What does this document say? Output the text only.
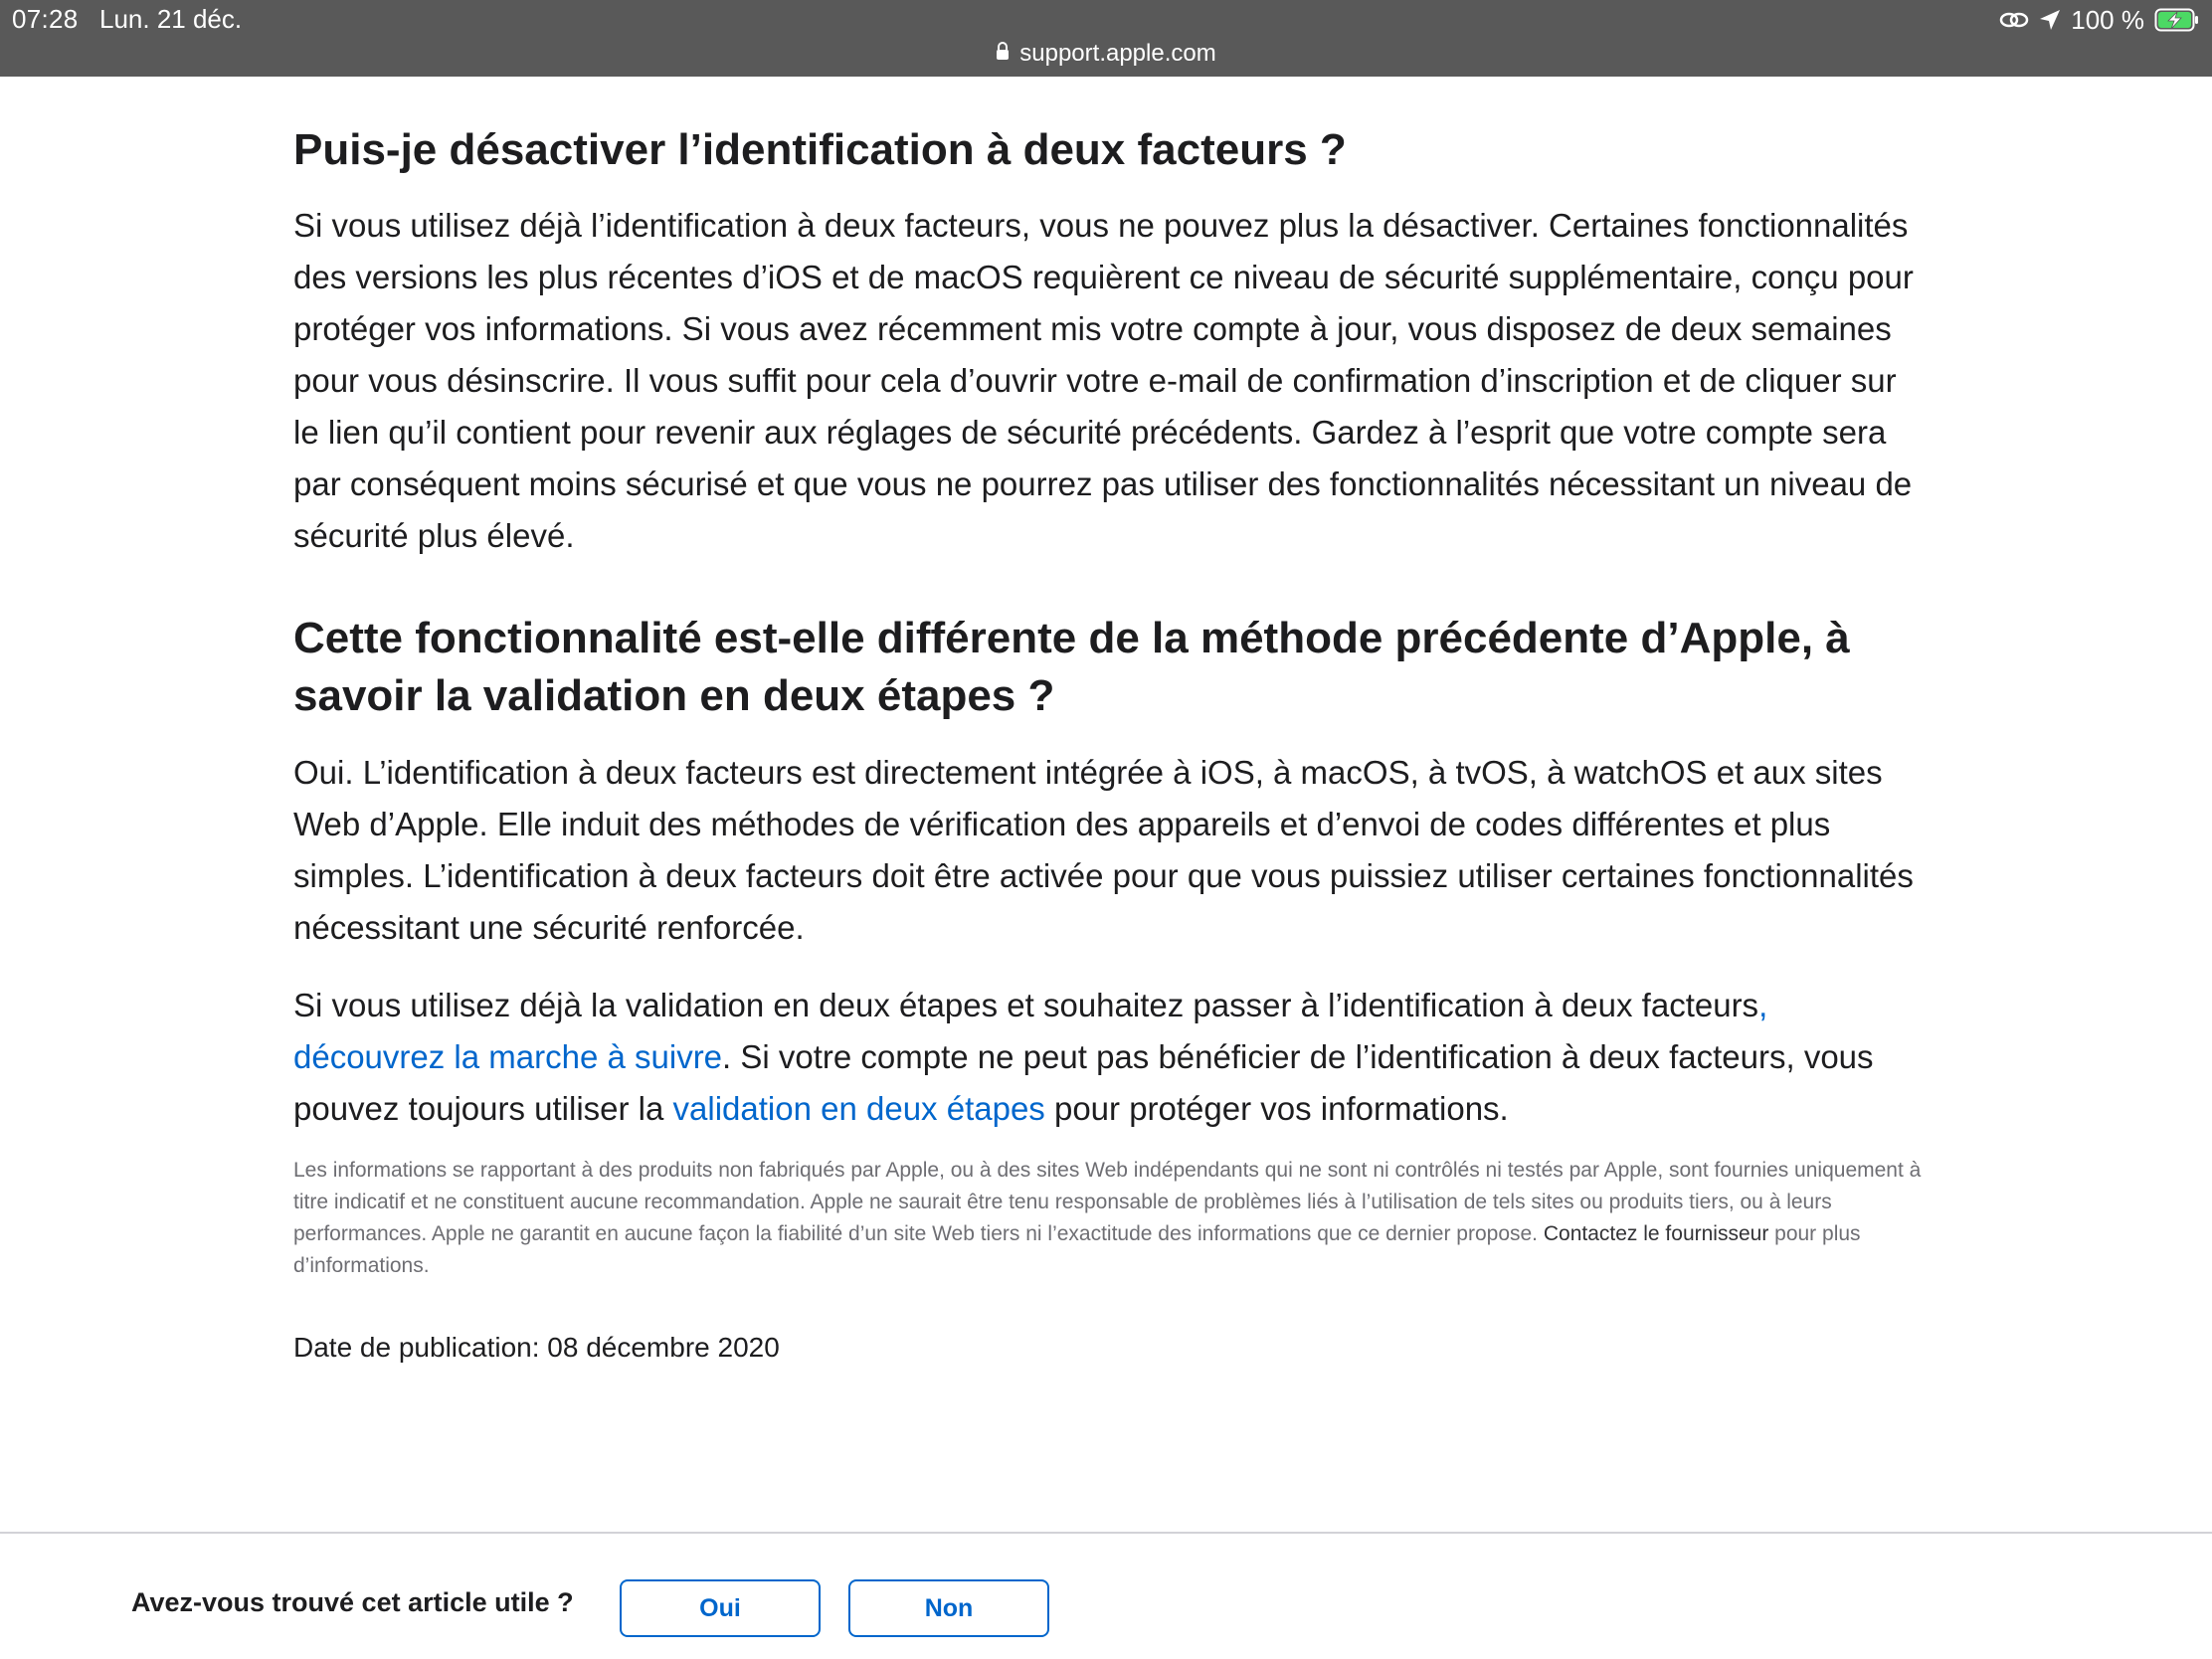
07:28 Lun. 21 déc.	100 %
support.apple.com
Puis-je désactiver l’identification à deux facteurs ?

Si vous utilisez déjà l’identification à deux facteurs, vous ne pouvez plus la désactiver. Certaines fonctionnalités des versions les plus récentes d’iOS et de macOS requièrent ce niveau de sécurité supplémentaire, conçu pour protéger vos informations. Si vous avez récemment mis votre compte à jour, vous disposez de deux semaines pour vous désinscrire. Il vous suffit pour cela d’ouvrir votre e-mail de confirmation d’inscription et de cliquer sur le lien qu’il contient pour revenir aux réglages de sécurité précédents. Gardez à l’esprit que votre compte sera par conséquent moins sécurisé et que vous ne pourrez pas utiliser des fonctionnalités nécessitant un niveau de sécurité plus élevé.

Cette fonctionnalité est-elle différente de la méthode précédente d’Apple, à savoir la validation en deux étapes ?

Oui. L’identification à deux facteurs est directement intégrée à iOS, à macOS, à tvOS, à watchOS et aux sites Web d’Apple. Elle induit des méthodes de vérification des appareils et d’envoi de codes différentes et plus simples. L’identification à deux facteurs doit être activée pour que vous puissiez utiliser certaines fonctionnalités nécessitant une sécurité renforcée.

Si vous utilisez déjà la validation en deux étapes et souhaitez passer à l’identification à deux facteurs, découvrez la marche à suivre. Si votre compte ne peut pas bénéficier de l’identification à deux facteurs, vous pouvez toujours utiliser la validation en deux étapes pour protéger vos informations.

Les informations se rapportant à des produits non fabriqués par Apple, ou à des sites Web indépendants qui ne sont ni contrôlés ni testés par Apple, sont fournies uniquement à titre indicatif et ne constituent aucune recommandation. Apple ne saurait être tenu responsable de problèmes liés à l’utilisation de tels sites ou produits tiers, ou à leurs performances. Apple ne garantit en aucune façon la fiabilité d’un site Web tiers ni l’exactitude des informations que ce dernier propose. Contactez le fournisseur pour plus d’informations.

Date de publication: 08 décembre 2020
Avez-vous trouvé cet article utile ?	Oui	Non
